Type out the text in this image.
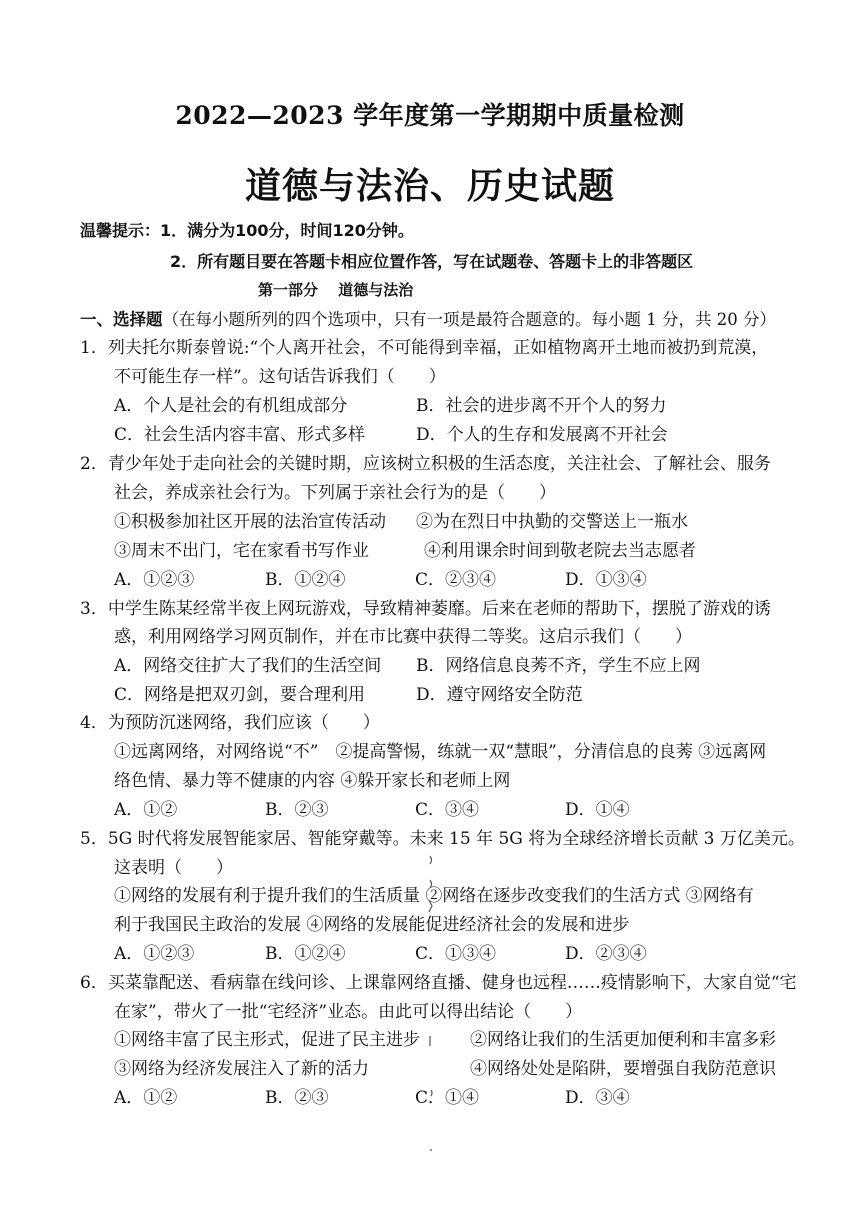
2022—2023 学年度第一学期期中质量检测
道德与法治、历史试题
温馨提示：1．满分为100分，时间120分钟。
2．所有题目要在答题卡相应位置作答，写在试题卷、答题卡上的非答题区
第一部分　 道德与法治
一、选择题（在每小题所列的四个选项中，只有一项是最符合题意的。每小题 1 分，共 20 分）
1．列夫托尔斯泰曾说:“个人离开社会，不可能得到幸福，正如植物离开土地而被扔到荒漠，
不可能生存一样”。这句话告诉我们（　　）
A．个人是社会的有机组成部分	B．社会的进步离不开个人的努力
C．社会生活内容丰富、形式多样	D．个人的生存和发展离不开社会
2．青少年处于走向社会的关键时期，应该树立积极的生活态度，关注社会、了解社会、服务
社会，养成亲社会行为。下列属于亲社会行为的是（　　）
①积极参加社区开展的法治宣传活动 ②为在烈日中执勤的交警送上一瓶水
③周末不出门，宅在家看书写作业	④利用课余时间到敬老院去当志愿者
A．①②③	B．①②④	C．②③④	D．①③④
3．中学生陈某经常半夜上网玩游戏，导致精神萎靡。后来在老师的帮助下，摆脱了游戏的诱
惑，利用网络学习网页制作，并在市比赛中获得二等奖。这启示我们（　　）
A．网络交往扩大了我们的生活空间 B．网络信息良莠不齐，学生不应上网
C．网络是把双刃剑，要合理利用	D．遵守网络安全防范
4．为预防沉迷网络，我们应该（　　）
①远离网络，对网络说“不”　②提高警惕，练就一双“慧眼”，分清信息的良莠 ③远离网
络色情、暴力等不健康的内容 ④躲开家长和老师上网
A．①②	B．②③	C．③④	D．①④
5．5G 时代将发展智能家居、智能穿戴等。未来 15 年 5G 将为全球经济增长贡献 3 万亿美元。
这表明（　　）
①网络的发展有利于提升我们的生活质量 ②网络在逐步改变我们的生活方式 ③网络有
利于我国民主政治的发展 ④网络的发展能促进经济社会的发展和进步
A．①②③	B．①②④	C．①③④	D．②③④
6．买菜靠配送、看病靠在线问诊、上课靠网络直播、健身也远程……疫情影响下，大家自觉“宅
在家”，带火了一批“宅经济”业态。由此可以得出结论（　　）
①网络丰富了民主形式，促进了民主进步	②网络让我们的生活更加便利和丰富多彩
③网络为经济发展注入了新的活力	④网络处处是陷阱，要增强自我防范意识
A．①②	B．②③	C．①④	D．③④
